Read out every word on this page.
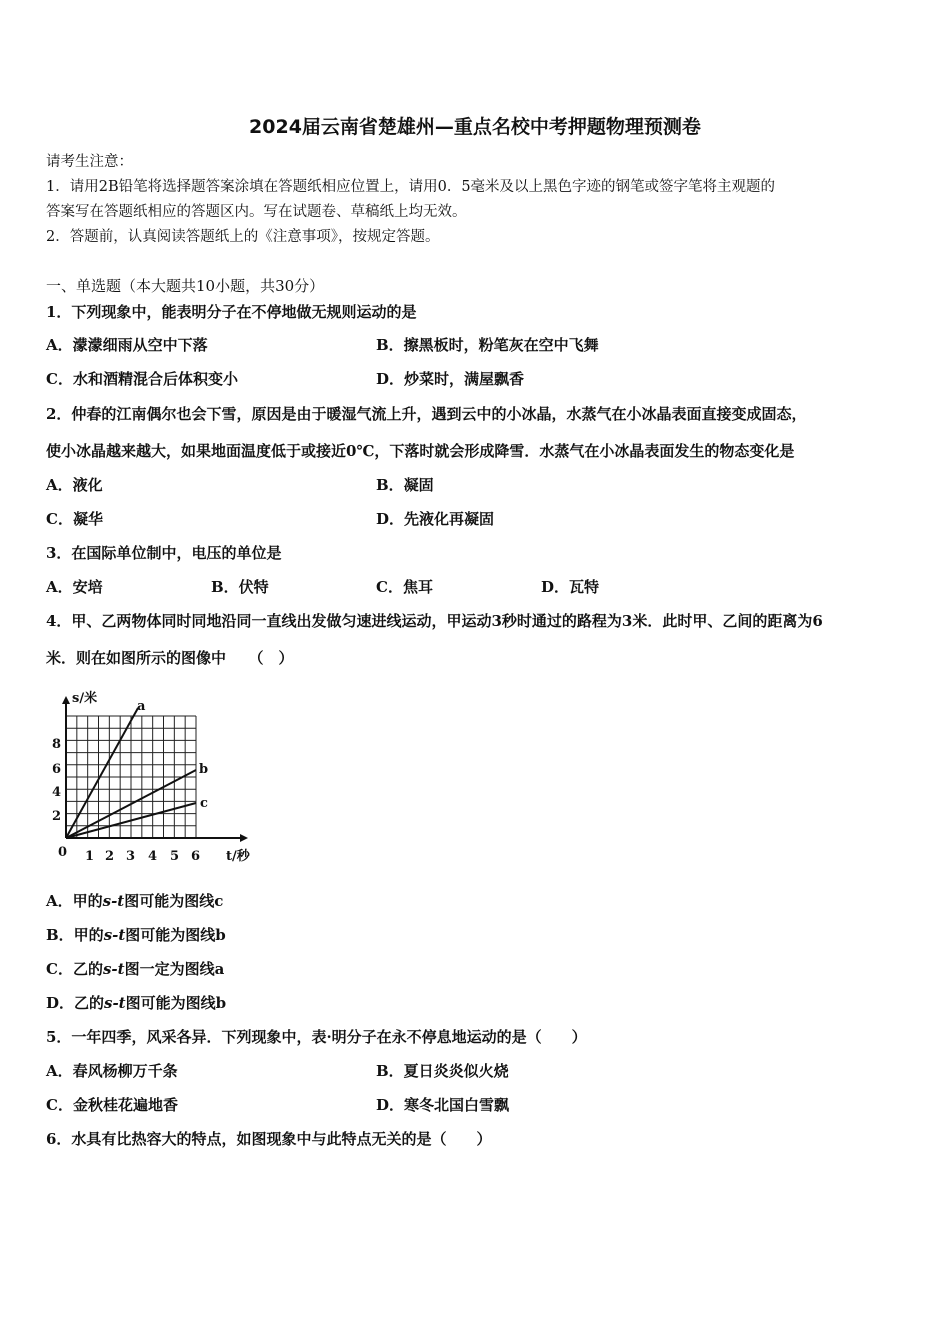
2024届云南省楚雄州—重点名校中考押题物理预测卷
请考生注意：
1．请用2B铅笔将选择题答案涂填在答题纸相应位置上，请用0．5毫米及以上黑色字迹的钢笔或签字笔将主观题的
答案写在答题纸相应的答题区内。写在试题卷、草稿纸上均无效。
2．答题前，认真阅读答题纸上的《注意事项》，按规定答题。
一、单选题（本大题共10小题，共30分）
1．下列现象中，能表明分子在不停地做无规则运动的是
A．濛濛细雨从空中下落	B．擦黑板时，粉笔灰在空中飞舞
C．水和酒精混合后体积变小	D．炒菜时，满屋飘香
2．仲春的江南偶尔也会下雪，原因是由于暖湿气流上升，遇到云中的小冰晶，水蒸气在小冰晶表面直接变成固态，
使小冰晶越来越大，如果地面温度低于或接近0℃，下落时就会形成降雪．水蒸气在小冰晶表面发生的物态变化是
A．液化	B．凝固
C．凝华	D．先液化再凝固
3．在国际单位制中，电压的单位是
A．安培	B．伏特	C．焦耳	D．瓦特
4．甲、乙两物体同时同地沿同一直线出发做匀速进线运动，甲运动3秒时通过的路程为3米．此时甲、乙间的距离为6
米．则在如图所示的图像中　　（　）
s/米
t/秒
0
a
b
c
2
4
6
8
1 2 3 4 5 6
A．甲的s-t图可能为图线c
B．甲的s-t图可能为图线b
C．乙的s-t图一定为图线a
D．乙的s-t图可能为图线b
5．一年四季，风采各异．下列现象中，表·明分子在永不停息地运动的是（　　）
A．春风杨柳万千条	B．夏日炎炎似火烧
C．金秋桂花遍地香	D．寒冬北国白雪飘
6．水具有比热容大的特点，如图现象中与此特点无关的是（　　）
